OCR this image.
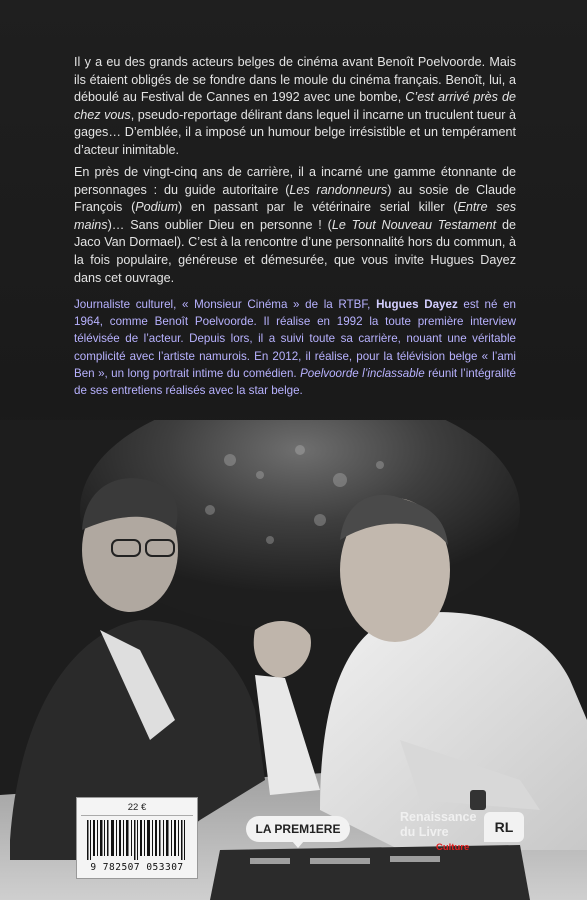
Il y a eu des grands acteurs belges de cinéma avant Benoît Poelvoorde. Mais ils étaient obligés de se fondre dans le moule du cinéma français. Benoît, lui, a déboulé au Festival de Cannes en 1992 avec une bombe, C’est arrivé près de chez vous, pseudo-reportage délirant dans lequel il incarne un truculent tueur à gages… D’emblée, il a imposé un humour belge irrésistible et un tempérament d’acteur inimitable.

En près de vingt-cinq ans de carrière, il a incarné une gamme étonnante de personnages : du guide autoritaire (Les randonneurs) au sosie de Claude François (Podium) en passant par le vétérinaire serial killer (Entre ses mains)… Sans oublier Dieu en personne ! (Le Tout Nouveau Testament de Jaco Van Dormael). C’est à la rencontre d’une personnalité hors du commun, à la fois populaire, généreuse et démesurée, que vous invite Hugues Dayez dans cet ouvrage.

Journaliste culturel, « Monsieur Cinéma » de la RTBF, Hugues Dayez est né en 1964, comme Benoît Poelvoorde. Il réalise en 1992 la toute première interview télévisée de l’acteur. Depuis lors, il a suivi toute sa carrière, nouant une véritable complicité avec l’artiste namurois. En 2012, il réalise, pour la télévision belge « l’ami Ben », un long portrait intime du comédien. Poelvoorde l’inclassable réunit l’intégralité de ses entretiens réalisés avec la star belge.
22 €
9 782507 053307
LA PREM1ERE
Renaissance du Livre
Culture
RL
